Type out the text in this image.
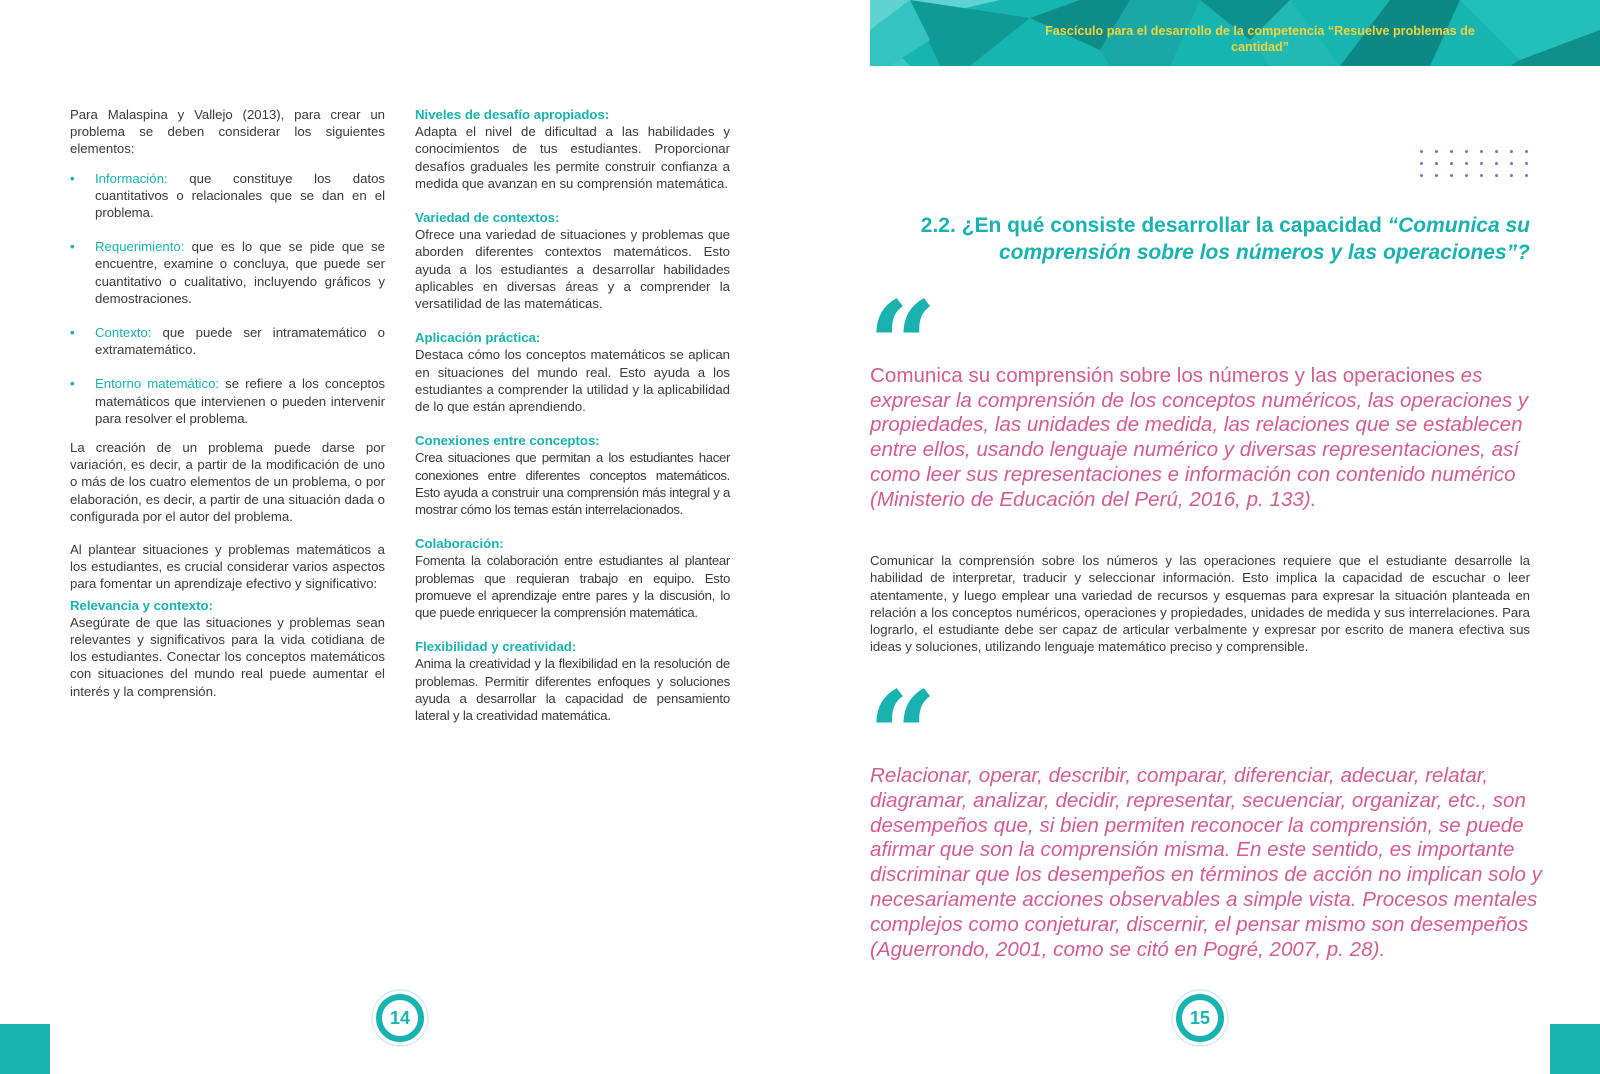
Para Malaspina y Vallejo (2013), para crear un problema se deben considerar los siguientes elementos:

• Información: que constituye los datos cuantitativos o relacionales que se dan en el problema.
• Requerimiento: que es lo que se pide que se encuentre, examine o concluya, que puede ser cuantitativo o cualitativo, incluyendo gráficos y demostraciones.
• Contexto: que puede ser intramatemático o extramatemático.
• Entorno matemático: se refiere a los conceptos matemáticos que intervienen o pueden intervenir para resolver el problema.

La creación de un problema puede darse por variación, es decir, a partir de la modificación de uno o más de los cuatro elementos de un problema, o por elaboración, es decir, a partir de una situación dada o configurada por el autor del problema.

Al plantear situaciones y problemas matemáticos a los estudiantes, es crucial considerar varios aspectos para fomentar un aprendizaje efectivo y significativo:

Relevancia y contexto:

Asegúrate de que las situaciones y problemas sean relevantes y significativos para la vida cotidiana de los estudiantes. Conectar los conceptos matemáticos con situaciones del mundo real puede aumentar el interés y la comprensión.

Niveles de desafío apropiados:

Adapta el nivel de dificultad a las habilidades y conocimientos de tus estudiantes. Proporcionar desafíos graduales les permite construir confianza a medida que avanzan en su comprensión matemática.

Variedad de contextos:

Ofrece una variedad de situaciones y problemas que aborden diferentes contextos matemáticos. Esto ayuda a los estudiantes a desarrollar habilidades aplicables en diversas áreas y a comprender la versatilidad de las matemáticas.

Aplicación práctica:

Destaca cómo los conceptos matemáticos se aplican en situaciones del mundo real. Esto ayuda a los estudiantes a comprender la utilidad y la aplicabilidad de lo que están aprendiendo.

Conexiones entre conceptos:

Crea situaciones que permitan a los estudiantes hacer conexiones entre diferentes conceptos matemáticos. Esto ayuda a construir una comprensión más integral y a mostrar cómo los temas están interrelacionados.

Colaboración:

Fomenta la colaboración entre estudiantes al plantear problemas que requieran trabajo en equipo. Esto promueve el aprendizaje entre pares y la discusión, lo que puede enriquecer la comprensión matemática.

Flexibilidad y creatividad:

Anima la creatividad y la flexibilidad en la resolución de problemas. Permitir diferentes enfoques y soluciones ayuda a desarrollar la capacidad de pensamiento lateral y la creatividad matemática.

Fascículo para el desarrollo de la competencia “Resuelve problemas de cantidad”
2.2. ¿En qué consiste desarrollar la capacidad “Comunica su comprensión sobre los números y las operaciones”?
“
Comunica su comprensión sobre los números y las operaciones es expresar la comprensión de los conceptos numéricos, las operaciones y propiedades, las unidades de medida, las relaciones que se establecen entre ellos, usando lenguaje numérico y diversas representaciones, así como leer sus representaciones e información con contenido numérico (Ministerio de Educación del Perú, 2016, p. 133).

Comunicar la comprensión sobre los números y las operaciones requiere que el estudiante desarrolle la habilidad de interpretar, traducir y seleccionar información. Esto implica la capacidad de escuchar o leer atentamente, y luego emplear una variedad de recursos y esquemas para expresar la situación planteada en relación a los conceptos numéricos, operaciones y propiedades, unidades de medida y sus interrelaciones. Para lograrlo, el estudiante debe ser capaz de articular verbalmente y expresar por escrito de manera efectiva sus ideas y soluciones, utilizando lenguaje matemático preciso y comprensible.

“
Relacionar, operar, describir, comparar, diferenciar, adecuar, relatar, diagramar, analizar, decidir, representar, secuenciar, organizar, etc., son desempeños que, si bien permiten reconocer la comprensión, se puede afirmar que son la comprensión misma. En este sentido, es importante discriminar que los desempeños en términos de acción no implican solo y necesariamente acciones observables a simple vista. Procesos mentales complejos como conjeturar, discernir, el pensar mismo son desempeños (Aguerrondo, 2001, como se citó en Pogré, 2007, p. 28).
14	15
